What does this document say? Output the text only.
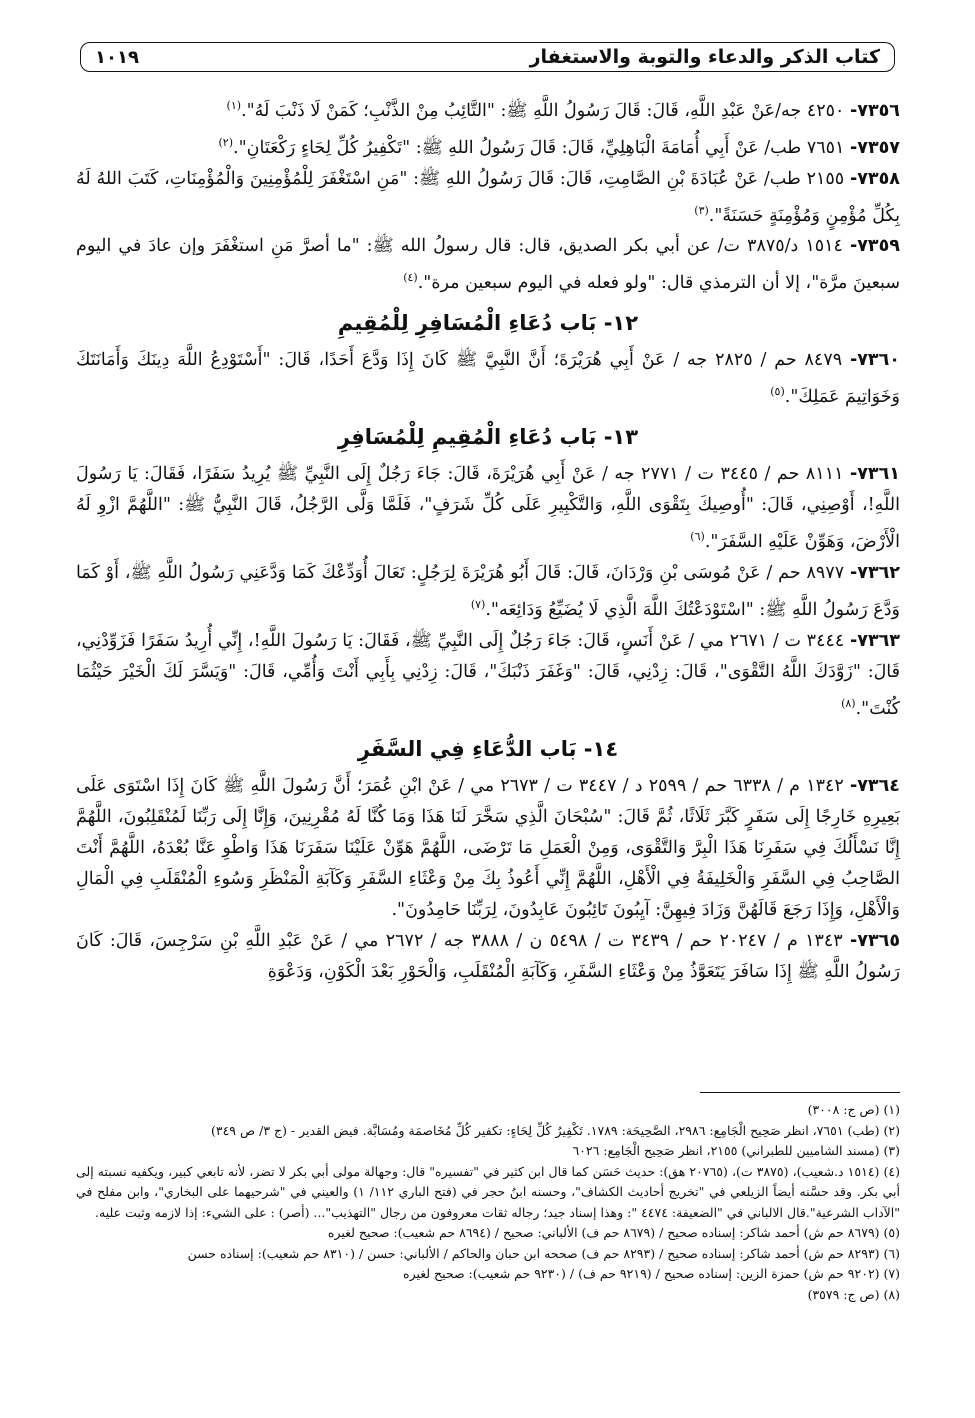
كتاب الذكر والدعاء والتوبة والاستغفار
١٠١٩

٧٣٥٦- ٤٢٥٠ جه/عَنْ عَبْدِ اللَّهِ، قَالَ: قَالَ رَسُولُ اللَّهِ ﷺ: "التَّائِبُ مِنْ الذَّنْبِ؛ كَمَنْ لَا ذَنْبَ لَهُ".$^{(١)}$

٧٣٥٧- ٧٦٥١ طب/ عَنْ أَبِي أُمَامَةَ الْبَاهِلِيِّ، قَالَ: قَالَ رَسُولُ اللهِ ﷺ: "تَكْفِيرُ كُلِّ لِحَاءٍ رَكْعَتَانِ".$^{(٢)}$

٧٣٥٨- ٢١٥٥ طب/ عَنْ عُبَادَةَ بْنِ الصَّامِتِ، قَالَ: قَالَ رَسُولُ اللهِ ﷺ: "مَنِ اسْتَغْفَرَ لِلْمُؤْمِنِينَ وَالْمُؤْمِنَاتِ، كَتَبَ اللهُ لَهُ بِكُلِّ مُؤْمِنٍ وَمُؤْمِنَةٍ حَسَنَةً".$^{(٣)}$

٧٣٥٩- ١٥١٤ د/٣٨٧٥ ت/ عن أبي بكر الصديق، قال: قال رسولُ الله ﷺ: "ما أصرَّ مَنِ استغْفَرَ وإن عادَ في اليوم سبعينَ مرَّة"، إلا أن الترمذي قال: "ولو فعله في اليوم سبعين مرة".$^{(٤)}$

١٢- بَاب دُعَاءِ الْمُسَافِرِ لِلْمُقِيمِ

٧٣٦٠- ٨٤٧٩ حم / ٢٨٢٥ جه / عَنْ أَبِي هُرَيْرَةَ؛ أَنَّ النَّبِيَّ ﷺ كَانَ إِذَا وَدَّعَ أَحَدًا، قَالَ: "أَسْتَوْدِعُ اللَّهَ دِينَكَ وَأَمَانَتَكَ وَخَوَاتِيمَ عَمَلِكَ".$^{(٥)}$

١٣- بَاب دُعَاءِ الْمُقِيمِ لِلْمُسَافِرِ

٧٣٦١- ٨١١١ حم / ٣٤٤٥ ت / ٢٧٧١ جه / عَنْ أَبِي هُرَيْرَةَ، قَالَ: جَاءَ رَجُلٌ إِلَى النَّبِيِّ ﷺ يُرِيدُ سَفَرًا، فَقَالَ: يَا رَسُولَ اللَّهِ!، أَوْصِنِي، قَالَ: "أُوصِيكَ بِتَقْوَى اللَّهِ، وَالتَّكْبِيرِ عَلَى كُلِّ شَرَفٍ"، فَلَمَّا وَلَّى الرَّجُلُ، قَالَ النَّبِيُّ ﷺ: "اللَّهُمَّ ازْوِ لَهُ الْأَرْضَ، وَهَوِّنْ عَلَيْهِ السَّفَرَ".$^{(٦)}$

٧٣٦٢- ٨٩٧٧ حم / عَنْ مُوسَى بْنِ وَرْدَانَ، قَالَ: قَالَ أَبُو هُرَيْرَةَ لِرَجُلٍ: تَعَالَ أُوَدِّعْكَ كَمَا وَدَّعَنِي رَسُولُ اللَّهِ ﷺ، أَوْ كَمَا وَدَّعَ رَسُولُ اللَّهِ ﷺ: "اسْتَوْدَعْتُكَ اللَّهَ الَّذِي لَا يُضَيِّعُ وَدَائِعَه".$^{(٧)}$

٧٣٦٣- ٣٤٤٤ ت / ٢٦٧١ مي / عَنْ أَنَسٍ، قَالَ: جَاءَ رَجُلٌ إِلَى النَّبِيِّ ﷺ، فَقَالَ: يَا رَسُولَ اللَّهِ!، إِنِّي أُرِيدُ سَفَرًا فَزَوِّدْنِي، قَالَ: "زَوَّدَكَ اللَّهُ التَّقْوَى"، قَالَ: زِدْنِي، قَالَ: "وَغَفَرَ ذَنْبَكَ"، قَالَ: زِدْنِي بِأَبِي أَنْتَ وَأُمِّي، قَالَ: "وَيَسَّرَ لَكَ الْخَيْرَ حَيْثُمَا كُنْتَ".$^{(٨)}$

١٤- بَاب الدُّعَاءِ فِي السَّفَرِ

٧٣٦٤- ١٣٤٢ م / ٦٣٣٨ حم / ٢٥٩٩ د / ٣٤٤٧ ت / ٢٦٧٣ مي / عَنْ ابْنِ عُمَرَ؛ أَنَّ رَسُولَ اللَّهِ ﷺ كَانَ إِذَا اسْتَوَى عَلَى بَعِيرِهِ خَارِجًا إِلَى سَفَرٍ كَبَّرَ ثَلَاثًا، ثُمَّ قَالَ: "سُبْحَانَ الَّذِي سَخَّرَ لَنَا هَذَا وَمَا كُنَّا لَهُ مُقْرِنِينَ، وَإِنَّا إِلَى رَبِّنَا لَمُنْقَلِبُونَ، اللَّهُمَّ إِنَّا نَسْأَلُكَ فِي سَفَرِنَا هَذَا الْبِرَّ وَالتَّقْوَى، وَمِنْ الْعَمَلِ مَا تَرْضَى، اللَّهُمَّ هَوِّنْ عَلَيْنَا سَفَرَنَا هَذَا وَاطْوِ عَنَّا بُعْدَهُ، اللَّهُمَّ أَنْتَ الصَّاحِبُ فِي السَّفَرِ وَالْخَلِيفَةُ فِي الْأَهْلِ، اللَّهُمَّ إِنِّي أَعُوذُ بِكَ مِنْ وَعْثَاءِ السَّفَرِ وَكَآبَةِ الْمَنْظَرِ وَسُوءِ الْمُنْقَلَبِ فِي الْمَالِ وَالْأَهْلِ، وَإِذَا رَجَعَ قَالَهُنَّ وَزَادَ فِيهِنَّ: آيِبُونَ تَائِبُونَ عَابِدُونَ، لِرَبِّنَا حَامِدُونَ".

٧٣٦٥- ١٣٤٣ م / ٢٠٢٤٧ حم / ٣٤٣٩ ت / ٥٤٩٨ ن / ٣٨٨٨ جه / ٢٦٧٢ مي / عَنْ عَبْدِ اللَّهِ بْنِ سَرْجِسَ، قَالَ: كَانَ رَسُولُ اللَّهِ ﷺ إِذَا سَافَرَ يَتَعَوَّذُ مِنْ وَعْثَاءِ السَّفَرِ، وَكَآبَةِ الْمُنْقَلَبِ، وَالْحَوْرِ بَعْدَ الْكَوْنِ، وَدَعْوَةِ

(١) (ص ج: ٣٠٠٨)

(٢) (طب) ٧٦٥١، انظر صَحِيح الْجَامِع: ٢٩٨٦، الصَّحِيحَة: ١٧٨٩. تَكْفِيرُ كُلِّ لِحَاءٍ: تكفير كُلِّ مُخَاصمَة ومُسَابَّة. فيض القدير - (ج ٣/ ص ٣٤٩)

(٣) (مسند الشاميين للطبراني) ٢١٥٥، انظر صَحِيح الْجَامِع: ٦٠٢٦

(٤) (١٥١٤ د.شعيب)، (٣٨٧٥ ت)، (٢٠٧٦٥ هق): حديث حَسَن كما قال ابن كثير في "تفسيره" قال: وجهالة مولى أبي بكر لا تضر، لأنه تابعي كبير، ويكفيه نسبته إلى أبي بكر. وقد حسَّنه أيضاً الزيلعي في "تخريج أحاديث الكشاف"، وحسنه ابنُ حجر في (فتح الباري ١١٢/ ١) والعيني في "شرحيهما على البخاري"، وابن مفلح في "الآداب الشرعية".قال الالباني في "الضعيفة: ٤٤٧٤ ": وهذا إسناد جيد؛ رجاله ثقات معروفون من رجال "التهذيب"... (أصر) : على الشيء: إذا لازمه وثبت عليه.

(٥) (٨٦٧٩ حم ش) أحمد شاكر: إسناده صحيح / (٨٦٧٩ حم ف) الألباني: صحيح / (٨٦٩٤ حم شعيب): صحيح لغيره

(٦) (٨٢٩٣ حم ش) أحمد شاكر: إسناده صحيح / (٨٢٩٣ حم ف) صححه ابن حبان والحاكم / الألباني: حسن / (٨٣١٠ حم شعيب): إسناده حسن

(٧) (٩٢٠٢ حم ش) حمزة الزين: إسناده صحيح / (٩٢١٩ حم ف) / (٩٢٣٠ حم شعيب): صحيح لغيره

(٨) (ص ج: ٣٥٧٩)
